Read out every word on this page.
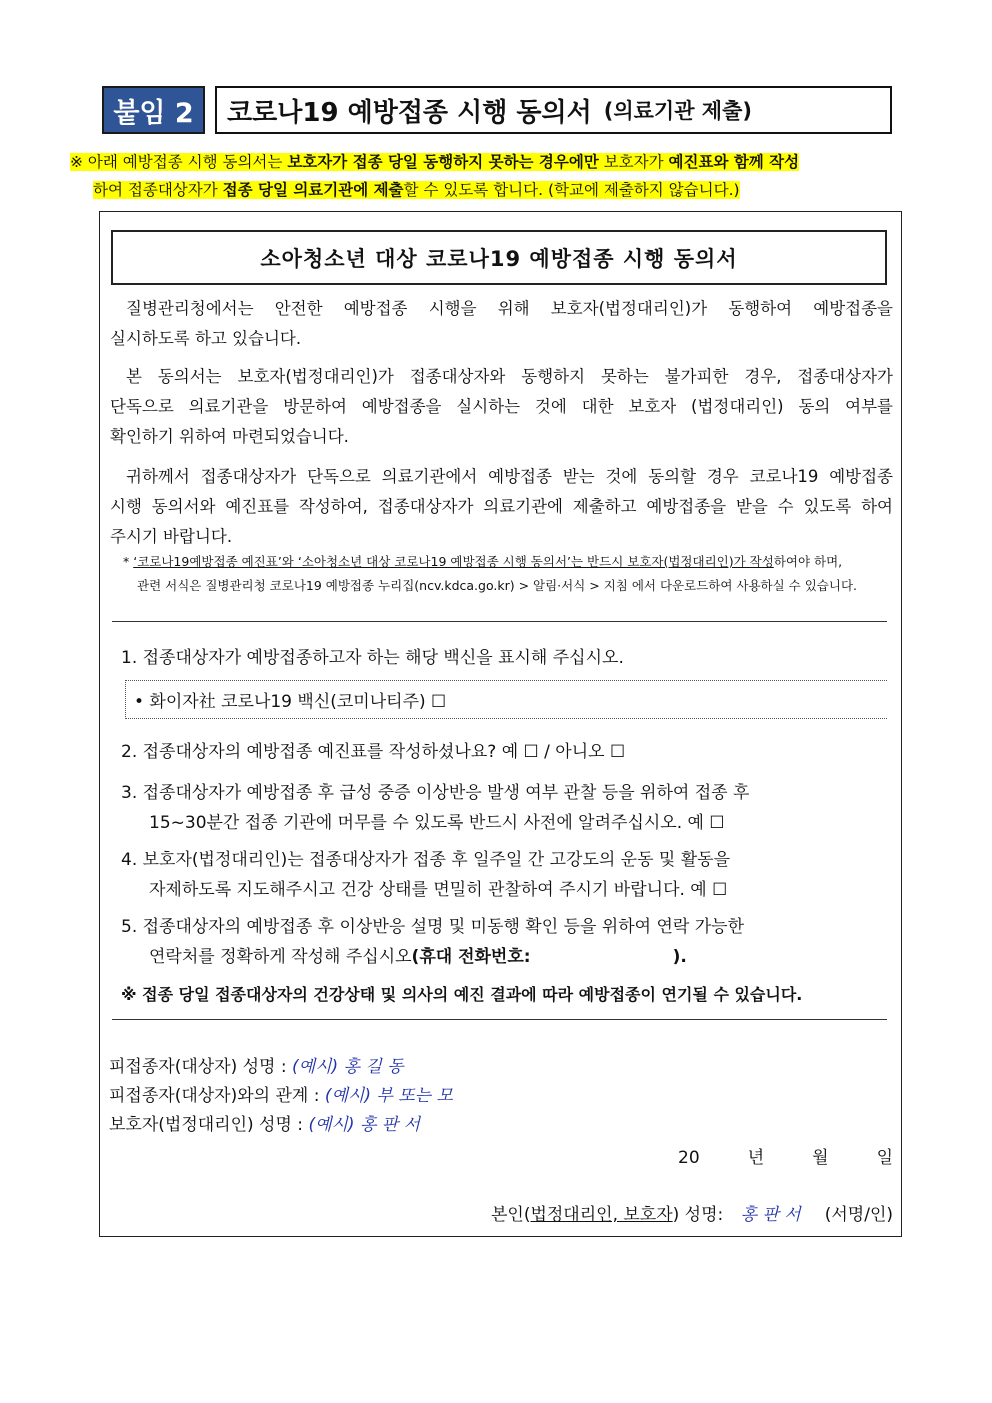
붙임 2	코로나19 예방접종 시행 동의서 (의료기관 제출)
※ 아래 예방접종 시행 동의서는 보호자가 접종 당일 동행하지 못하는 경우에만 보호자가 예진표와 함께 작성
하여 접종대상자가 접종 당일 의료기관에 제출할 수 있도록 합니다. (학교에 제출하지 않습니다.)
소아청소년 대상 코로나19 예방접종 시행 동의서
질병관리청에서는 안전한 예방접종 시행을 위해 보호자(법정대리인)가 동행하여 예방접종을
실시하도록 하고 있습니다.
본 동의서는 보호자(법정대리인)가 접종대상자와 동행하지 못하는 불가피한 경우, 접종대상자가
단독으로 의료기관을 방문하여 예방접종을 실시하는 것에 대한 보호자 (법정대리인) 동의 여부를
확인하기 위하여 마련되었습니다.
귀하께서 접종대상자가 단독으로 의료기관에서 예방접종 받는 것에 동의할 경우 코로나19 예방접종
시행 동의서와 예진표를 작성하여, 접종대상자가 의료기관에 제출하고 예방접종을 받을 수 있도록 하여
주시기 바랍니다.
* ‘코로나19예방접종 예진표’와 ‘소아청소년 대상 코로나19 예방접종 시행 동의서’는 반드시 보호자(법정대리인)가 작성하여야 하며,
관련 서식은 질병관리청 코로나19 예방접종 누리집(ncv.kdca.go.kr) > 알림·서식 > 지침 에서 다운로드하여 사용하실 수 있습니다.
1. 접종대상자가 예방접종하고자 하는 해당 백신을 표시해 주십시오.
• 화이자社 코로나19 백신(코미나티주) ☐
2. 접종대상자의 예방접종 예진표를 작성하셨나요? 예 ☐ / 아니오 ☐
3. 접종대상자가 예방접종 후 급성 중증 이상반응 발생 여부 관찰 등을 위하여 접종 후
15~30분간 접종 기관에 머무를 수 있도록 반드시 사전에 알려주십시오. 예 ☐
4. 보호자(법정대리인)는 접종대상자가 접종 후 일주일 간 고강도의 운동 및 활동을
자제하도록 지도해주시고 건강 상태를 면밀히 관찰하여 주시기 바랍니다. 예 ☐
5. 접종대상자의 예방접종 후 이상반응 설명 및 미동행 확인 등을 위하여 연락 가능한
연락처를 정확하게 작성해 주십시오(휴대 전화번호:                        ).
※ 접종 당일 접종대상자의 건강상태 및 의사의 예진 결과에 따라 예방접종이 연기될 수 있습니다.
피접종자(대상자) 성명 : (예시) 홍 길 동
피접종자(대상자)와의 관계 : (예시) 부 또는 모
보호자(법정대리인) 성명 : (예시) 홍 판 서
20	년	월	일
본인(법정대리인, 보호자) 성명: 홍 판 서 (서명/인)
